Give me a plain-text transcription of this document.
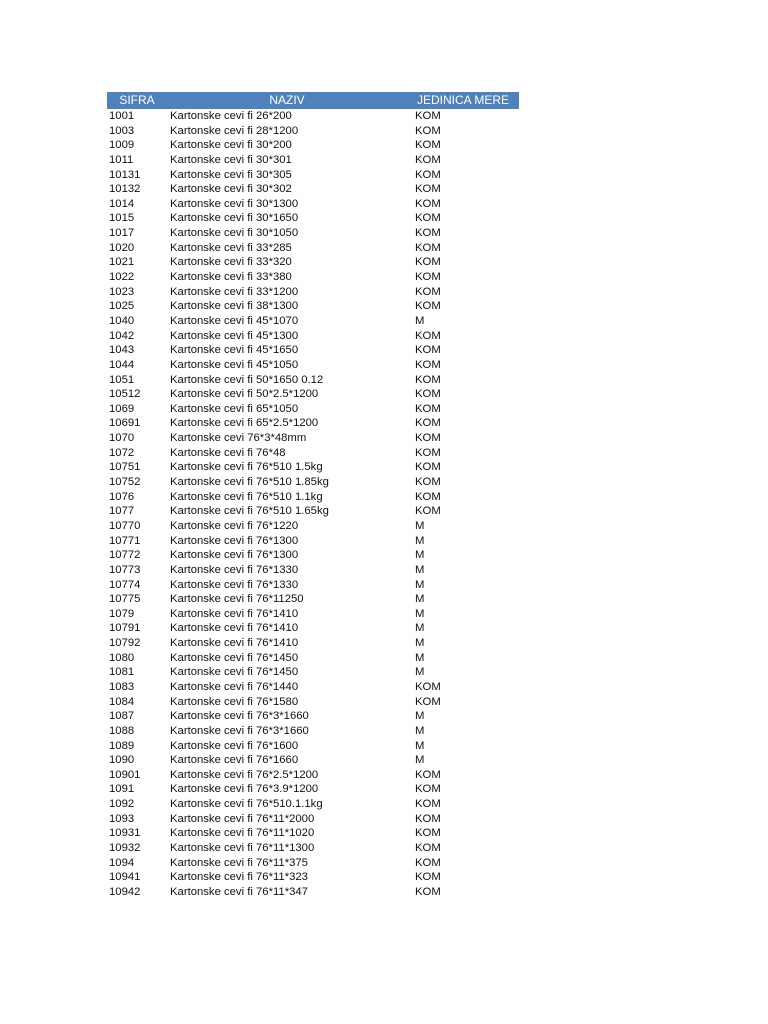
SIFRA	NAZIV	JEDINICA MERE
1001	Kartonske cevi fi 26*200	KOM
1003	Kartonske cevi fi 28*1200	KOM
1009	Kartonske cevi fi 30*200	KOM
1011	Kartonske cevi fi 30*301	KOM
10131	Kartonske cevi fi 30*305	KOM
10132	Kartonske cevi fi 30*302	KOM
1014	Kartonske cevi fi 30*1300	KOM
1015	Kartonske cevi fi 30*1650	KOM
1017	Kartonske cevi fi 30*1050	KOM
1020	Kartonske cevi fi 33*285	KOM
1021	Kartonske cevi fi 33*320	KOM
1022	Kartonske cevi fi 33*380	KOM
1023	Kartonske cevi fi 33*1200	KOM
1025	Kartonske cevi fi 38*1300	KOM
1040	Kartonske cevi fi 45*1070	M
1042	Kartonske cevi fi 45*1300	KOM
1043	Kartonske cevi fi 45*1650	KOM
1044	Kartonske cevi fi 45*1050	KOM
1051	Kartonske cevi fi 50*1650 0.12	KOM
10512	Kartonske cevi fi 50*2.5*1200	KOM
1069	Kartonske cevi fi 65*1050	KOM
10691	Kartonske cevi fi 65*2.5*1200	KOM
1070	Kartonske cevi 76*3*48mm	KOM
1072	Kartonske cevi fi 76*48	KOM
10751	Kartonske cevi fi 76*510 1.5kg	KOM
10752	Kartonske cevi fi 76*510 1.85kg	KOM
1076	Kartonske cevi fi 76*510 1.1kg	KOM
1077	Kartonske cevi fi 76*510 1.65kg	KOM
10770	Kartonske cevi fi 76*1220	M
10771	Kartonske cevi fi 76*1300	M
10772	Kartonske cevi fi 76*1300	M
10773	Kartonske cevi fi 76*1330	M
10774	Kartonske cevi fi 76*1330	M
10775	Kartonske cevi fi 76*11250	M
1079	Kartonske cevi fi 76*1410	M
10791	Kartonske cevi fi 76*1410	M
10792	Kartonske cevi fi 76*1410	M
1080	Kartonske cevi fi 76*1450	M
1081	Kartonske cevi fi 76*1450	M
1083	Kartonske cevi fi 76*1440	KOM
1084	Kartonske cevi fi 76*1580	KOM
1087	Kartonske cevi fi 76*3*1660	M
1088	Kartonske cevi fi 76*3*1660	M
1089	Kartonske cevi fi 76*1600	M
1090	Kartonske cevi fi 76*1660	M
10901	Kartonske cevi fi 76*2.5*1200	KOM
1091	Kartonske cevi fi 76*3.9*1200	KOM
1092	Kartonske cevi fi 76*510.1.1kg	KOM
1093	Kartonske cevi fi 76*11*2000	KOM
10931	Kartonske cevi fi 76*11*1020	KOM
10932	Kartonske cevi fi 76*11*1300	KOM
1094	Kartonske cevi fi 76*11*375	KOM
10941	Kartonske cevi fi 76*11*323	KOM
10942	Kartonske cevi fi 76*11*347	KOM
